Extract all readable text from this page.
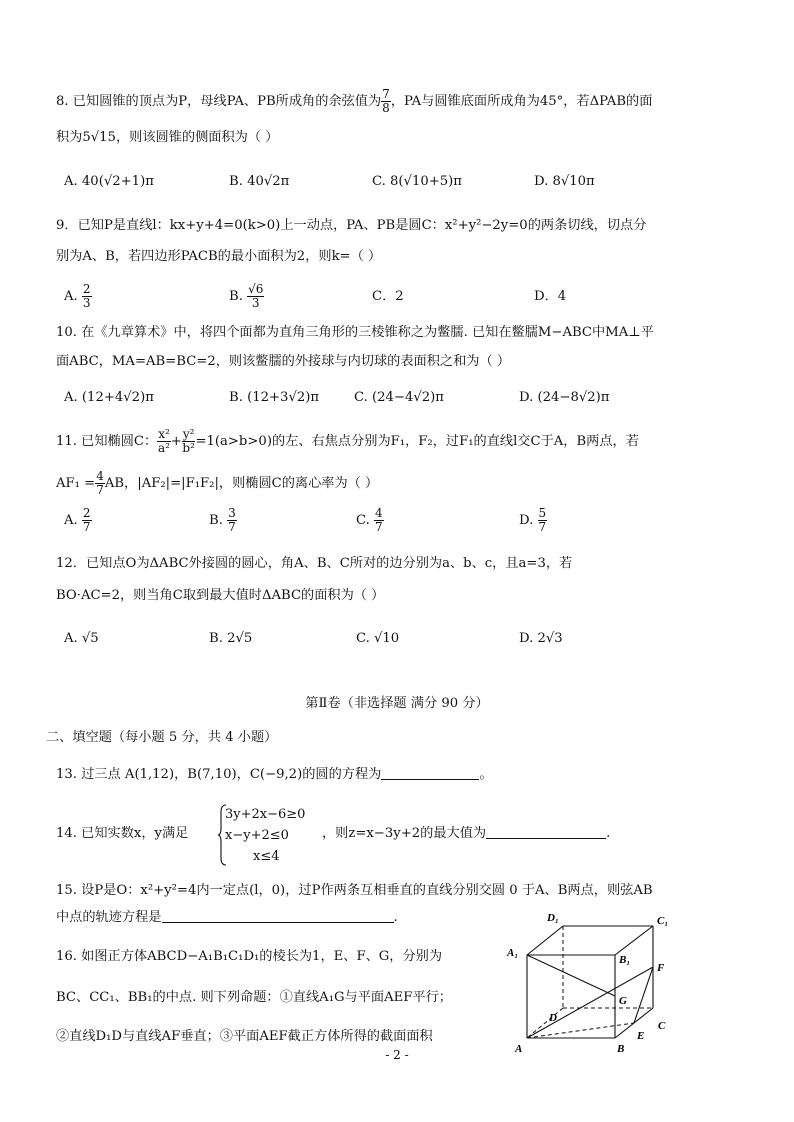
8. 已知圆锥的顶点为P，母线PA、PB所成角的余弦值为 $\frac{7}{8}$ ，PA与圆锥底面所成角为45°，若ΔPAB的面
积为5√15，则该圆锥的侧面积为（ ）
A. 40(√2+1)π	B. 40√2π	C. 8(√10+5)π	D. 8√10π
9．已知P是直线l：kx+y+4=0(k>0)上一动点，PA、PB是圆C：x²+y²−2y=0的两条切线，切点分
别为A、B，若四边形PACB的最小面积为2，则k=（ ）
A. $\frac{2}{3}$	B. $\frac{√6}{3}$	C．2	D．4
10. 在《九章算术》中，将四个面都为直角三角形的三棱锥称之为鳖臑. 已知在鳖臑M−ABC中MA⊥平
面ABC，MA=AB=BC=2，则该鳖臑的外接球与内切球的表面积之和为（ ）
A. (12+4√2)π	B. (12+3√2)π	C. (24−4√2)π	D. (24−8√2)π
11. 已知椭圆C： $\frac{\text{x²}}{\text{a²}} + \frac{\text{y²}}{\text{b²}} =1(a>b>0)$的左、右焦点分别为F₁，F₂，过F₁的直线l交C于A，B两点，若
$AF_1 = \frac{4}{7}$ AB，|AF₂|=|F₁F₂|，则椭圆C的离心率为（ ）
A. $\frac{2}{7}$	B. $\frac{3}{7}$	C. $\frac{4}{7}$	D. $\frac{5}{7}$
12．已知点O为ΔABC外接圆的圆心，角A、B、C所对的边分别为a、b、c，且a=3，若
BO·AC=2，则当角C取到最大值时ΔABC的面积为（ ）
A. √5	B. 2√5	C. √10	D. 2√3
第Ⅱ卷（非选择题 满分 90 分）
二、填空题（每小题 5 分，共 4 小题）
13. 过三点 A(1,12)，B(7,10)，C(−9,2)的圆的方程为	。
14. 已知实数x，y满足
3y+2x−6≥0
x−y+2≤0
x≤4
，则z=x−3y+2的最大值为	.
15. 设P是O：x²+y²=4内一定点(l，0)，过P作两条互相垂直的直线分别交圆 0 于A、B两点，则弦AB
中点的轨迹方程是	.
16. 如图正方体ABCD−A₁B₁C₁D₁的棱长为1，E、F、G，分别为
BC、CC₁、BB₁的中点. 则下列命题：①直线A₁G与平面AEF平行；
②直线D₁D与直线AF垂直；③平面AEF截正方体所得的截面面积
D₁	C₁
A₁
B₁
F
G
D
C
E
A	B
- 2 -
